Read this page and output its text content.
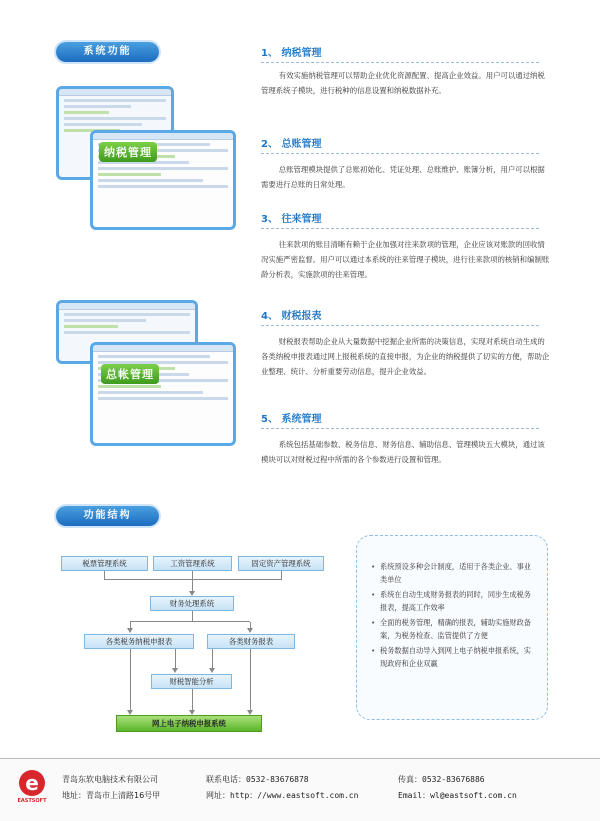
系统功能
功能结构
纳税管理
总帐管理
1、 纳税管理
有效实施纳税管理可以帮助企业优化资源配置、提高企业效益。用户可以通过纳税管理系统子模块，进行税种的信息设置和纳税数据补充。
2、 总账管理
总账管理模块提供了总账初始化、凭证处理、总账维护、账簿分析，用户可以根据需要进行总账的日常处理。
3、 往来管理
往来款项的账目清晰有赖于企业加强对往来款项的管理，企业应该对账款的回收情况实施严密监督。用户可以通过本系统的往来管理子模块，进行往来款项的核销和编制账龄分析表，实施款项的往来管理。
4、 财税报表
财税报表帮助企业从大量数据中挖掘企业所需的决策信息，实现对系统自动生成的各类纳税申报表通过网上报税系统的直接申报，为企业的纳税提供了切实的方便，帮助企业整理、统计、分析重要劳动信息，提升企业效益。
5、 系统管理
系统包括基础参数、税务信息、财务信息、辅助信息、管理模块五大模块，通过该模块可以对财税过程中所需的各个参数进行设置和管理。
税票管理系统	工资管理系统	固定资产管理系统
财务处理系统
各类税务纳税申报表	各类财务报表
财税智能分析
网上电子纳税申报系统
• 系统预设多种会计制度，适用于各类企业、事业类单位
• 系统在自动生成财务报表的同时，同步生成税务报表，提高工作效率
• 全面的税务管理，精确的报表，辅助实施财政备案，为税务检查、监管提供了方便
• 税务数据自动导入到网上电子纳税申报系统，实现政府和企业双赢
e
EASTSOFT
青岛东软电脑技术有限公司
地址：青岛市上清路16号甲
联系电话：0532-83676878
网址：http：//www.eastsoft.com.cn
传真：0532-83676886
Email：wl@eastsoft.com.cn
